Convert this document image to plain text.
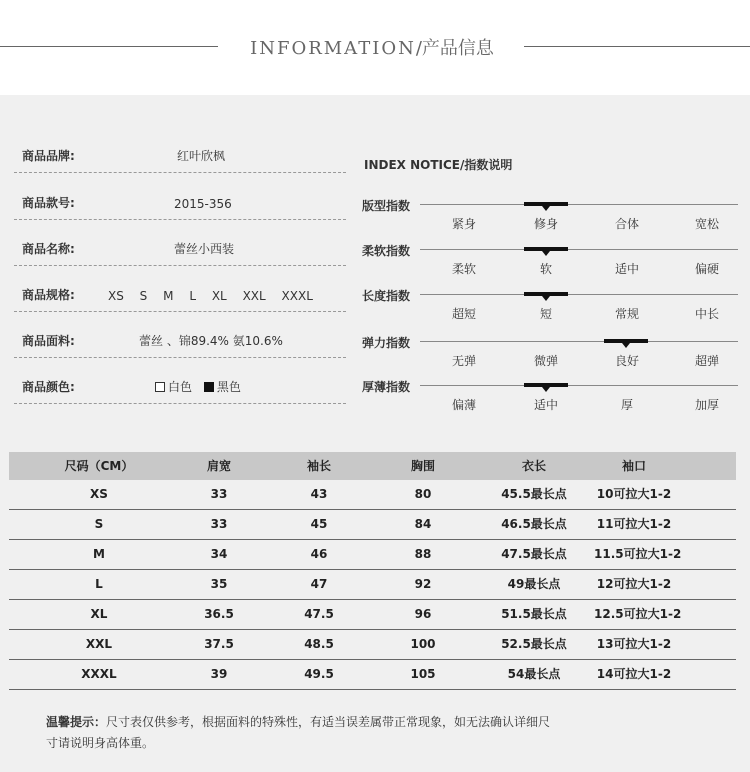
INFORMATION/产品信息
商品品牌:	红叶欣枫
商品款号:	2015-356
商品名称:	蕾丝小西装
商品规格:	XS S M L XL XXL XXXL
商品面料:	蕾丝 、锦89.4% 氨10.6%
商品颜色:	白色 黑色
INDEX NOTICE/指数说明
版型指数
紧身	修身	合体	宽松
柔软指数
柔软	软	适中	偏硬
长度指数
超短	短	常规	中长
弹力指数
无弹	微弹	良好	超弹
厚薄指数
偏薄	适中	厚	加厚
尺码（CM）	肩宽	袖长	胸围	衣长	袖口
XS	33	43	80	45.5最长点	10可拉大1-2
S	33	45	84	46.5最长点	11可拉大1-2
M	34	46	88	47.5最长点	11.5可拉大1-2
L	35	47	92	49最长点	12可拉大1-2
XL	36.5	47.5	96	51.5最长点	12.5可拉大1-2
XXL	37.5	48.5	100	52.5最长点	13可拉大1-2
XXXL	39	49.5	105	54最长点	14可拉大1-2
温馨提示：尺寸表仅供参考，根据面料的特殊性，有适当误差属带正常现象，如无法确认详细尺寸请说明身高体重。
